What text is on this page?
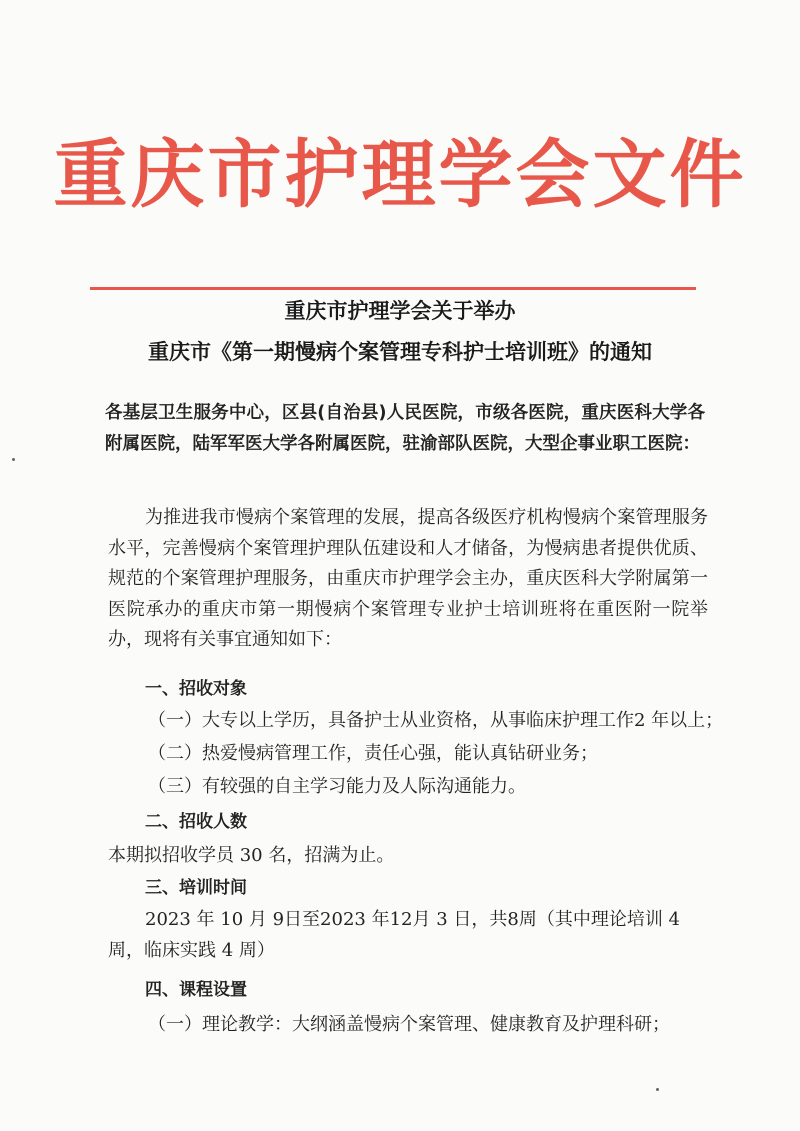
重庆市护理学会文件
重庆市护理学会关于举办
重庆市《第一期慢病个案管理专科护士培训班》的通知

各基层卫生服务中心，区县(自治县)人民医院，市级各医院，重庆医科大学各附属医院，陆军军医大学各附属医院，驻渝部队医院，大型企事业职工医院：

为推进我市慢病个案管理的发展，提高各级医疗机构慢病个案管理服务水平，完善慢病个案管理护理队伍建设和人才储备，为慢病患者提供优质、规范的个案管理护理服务，由重庆市护理学会主办，重庆医科大学附属第一医院承办的重庆市第一期慢病个案管理专业护士培训班将在重医附一院举办，现将有关事宜通知如下：

一、招收对象
（一）大专以上学历，具备护士从业资格，从事临床护理工作2 年以上；
（二）热爱慢病管理工作，责任心强，能认真钻研业务；
（三）有较强的自主学习能力及人际沟通能力。
二、招收人数
本期拟招收学员 30 名，招满为止。
三、培训时间

2023 年 10 月 9日至2023 年12月 3 日，共8周（其中理论培训 4 周，临床实践 4 周）

四、课程设置
（一）理论教学：大纲涵盖慢病个案管理、健康教育及护理科研；
